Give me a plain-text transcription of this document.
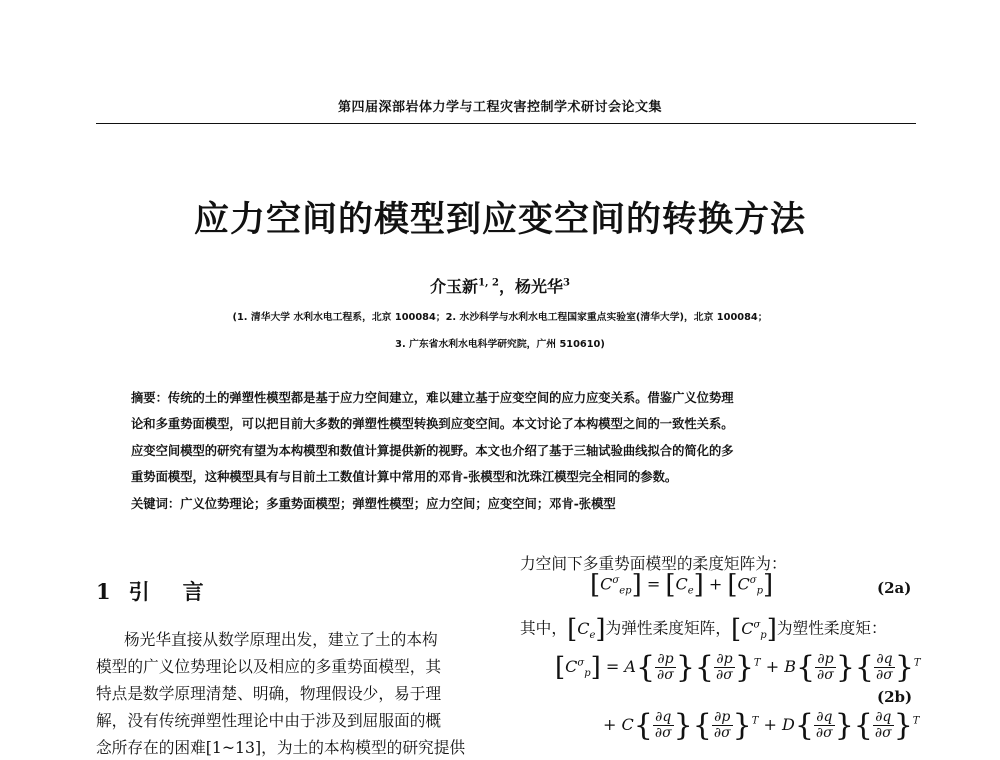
第四届深部岩体力学与工程灾害控制学术研讨会论文集
应力空间的模型到应变空间的转换方法
介玉新$^{1, 2}$，杨光华$^3$
(1. 清华大学 水利水电工程系，北京 100084；2. 水沙科学与水利水电工程国家重点实验室(清华大学)，北京 100084；
3. 广东省水利水电科学研究院，广州 510610)
摘要：传统的土的弹塑性模型都是基于应力空间建立，难以建立基于应变空间的应力应变关系。借鉴广义位势理
论和多重势面模型，可以把目前大多数的弹塑性模型转换到应变空间。本文讨论了本构模型之间的一致性关系。
应变空间模型的研究有望为本构模型和数值计算提供新的视野。本文也介绍了基于三轴试验曲线拟合的简化的多
重势面模型，这种模型具有与目前土工数值计算中常用的邓肯-张模型和沈珠江模型完全相同的参数。
关键词：广义位势理论；多重势面模型；弹塑性模型；应力空间；应变空间；邓肯-张模型
1 引　言
杨光华直接从数学原理出发，建立了土的本构
模型的广义位势理论以及相应的多重势面模型，其
特点是数学原理清楚、明确，物理假设少，易于理
解，没有传统弹塑性理论中由于涉及到屈服面的概
念所存在的困难[1~13]，为土的本构模型的研究提供
力空间下多重势面模型的柔度矩阵为：
$[C^\sigma_{ep}] = [C_e] + [C^\sigma_p]$	(2a)
其中，$[C_e]$为弹性柔度矩阵，$[C^\sigma_p]$为塑性柔度矩：
$[C^\sigma_p] = A\{ \frac{\partial p}{\partial\sigma}$ }{ $\frac{\partial p}{\partial\sigma} \}^T + B\{ \frac{\partial p}{\partial\sigma}$ }{ $\frac{\partial q}{\partial\sigma} \}^T$
(2b)
+ $C\{ \frac{\partial q}{\partial\sigma}$ }{ $\frac{\partial p}{\partial\sigma} \}^T + D\{ \frac{\partial q}{\partial\sigma}$ }{ $\frac{\partial q}{\partial\sigma} \}^T$
